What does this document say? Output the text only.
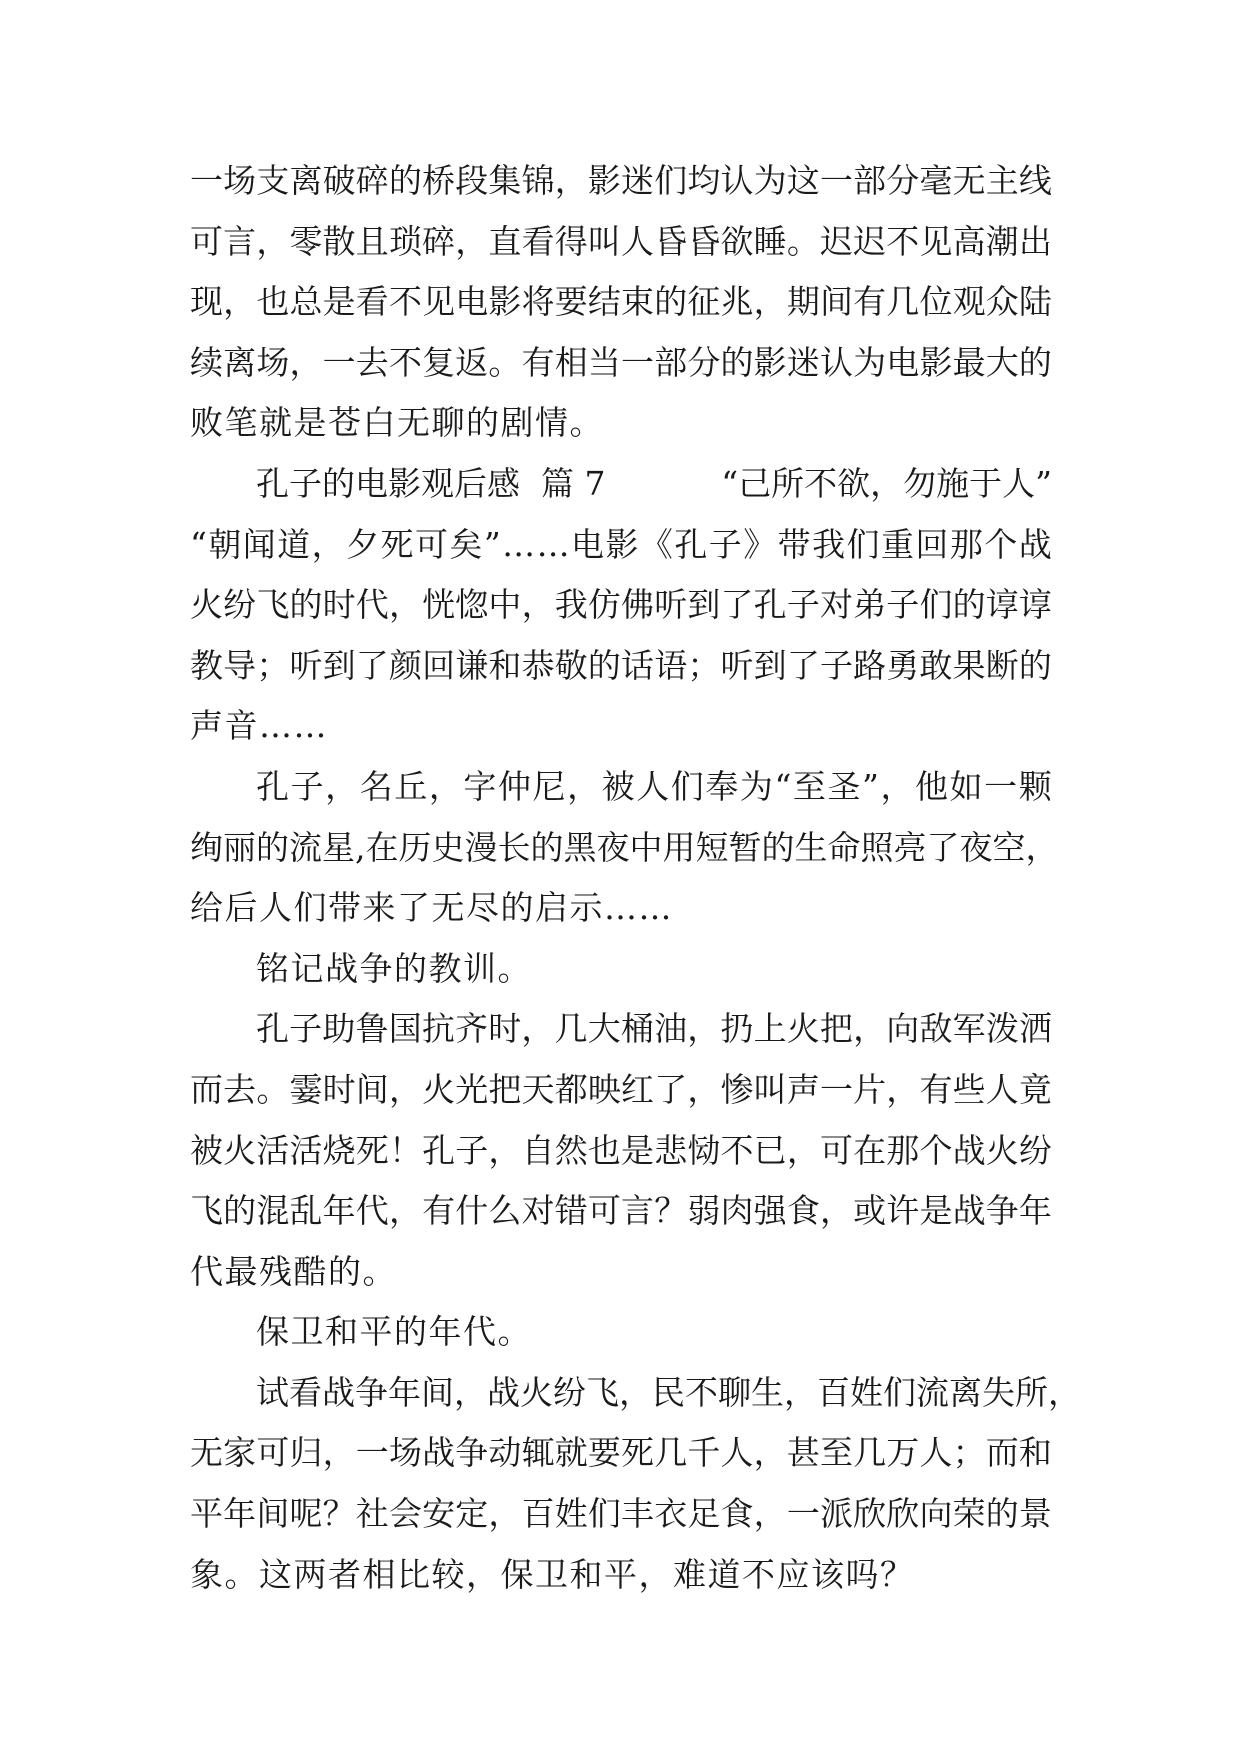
一 场 支 离 破 碎 的 桥 段 集 锦 ， 影 迷 们 均 认 为 这 一 部 分 毫 无 主 线
可 言 ， 零 散 且 琐 碎 ， 直 看 得 叫 人 昏 昏 欲 睡 。 迟 迟 不 见 高 潮 出
现 ， 也 总 是 看 不 见 电 影 将 要 结 束 的 征 兆 ， 期 间 有 几 位 观 众 陆
续 离 场 ， 一 去 不 复 返 。 有 相 当 一 部 分 的 影 迷 认 为 电 影 最 大 的
败笔就是苍白无聊的剧情。
孔子的电影观后感  篇 7	“己所不欲，勿施于人”
“ 朝 闻 道 ， 夕 死 可 矣 ” … … 电 影 《 孔 子 》 带 我 们 重 回 那 个 战
火 纷 飞 的 时 代 ， 恍 惚 中 ， 我 仿 佛 听 到 了 孔 子 对 弟 子 们 的 谆 谆
教 导 ； 听 到 了 颜 回 谦 和 恭 敬 的 话 语 ； 听 到 了 子 路 勇 敢 果 断 的
声音……
孔 子 ， 名 丘 ， 字 仲 尼 ， 被 人 们 奉 为 “ 至 圣 ” ， 他 如 一 颗
绚 丽 的 流 星 , 在 历 史 漫 长 的 黑 夜 中 用 短 暂 的 生 命 照 亮 了 夜 空 ，
给后人们带来了无尽的启示……
铭记战争的教训。
孔 子 助 鲁 国 抗 齐 时 ， 几 大 桶 油 ， 扔 上 火 把 ， 向 敌 军 泼 洒
而 去 。 霎 时 间 ， 火 光 把 天 都 映 红 了 ， 惨 叫 声 一 片 ， 有 些 人 竟
被 火 活 活 烧 死 ！ 孔 子 ， 自 然 也 是 悲 恸 不 已 ， 可 在 那 个 战 火 纷
飞 的 混 乱 年 代 ， 有 什 么 对 错 可 言 ？ 弱 肉 强 食 ， 或 许 是 战 争 年
代最残酷的。
保卫和平的年代。
试 看 战 争 年 间 ， 战 火 纷 飞 ， 民 不 聊 生 ， 百 姓 们 流 离 失 所 ，
无 家 可 归 ， 一 场 战 争 动 辄 就 要 死 几 千 人 ， 甚 至 几 万 人 ； 而 和
平 年 间 呢 ？ 社 会 安 定 ， 百 姓 们 丰 衣 足 食 ， 一 派 欣 欣 向 荣 的 景
象。这两者相比较，保卫和平，难道不应该吗？
